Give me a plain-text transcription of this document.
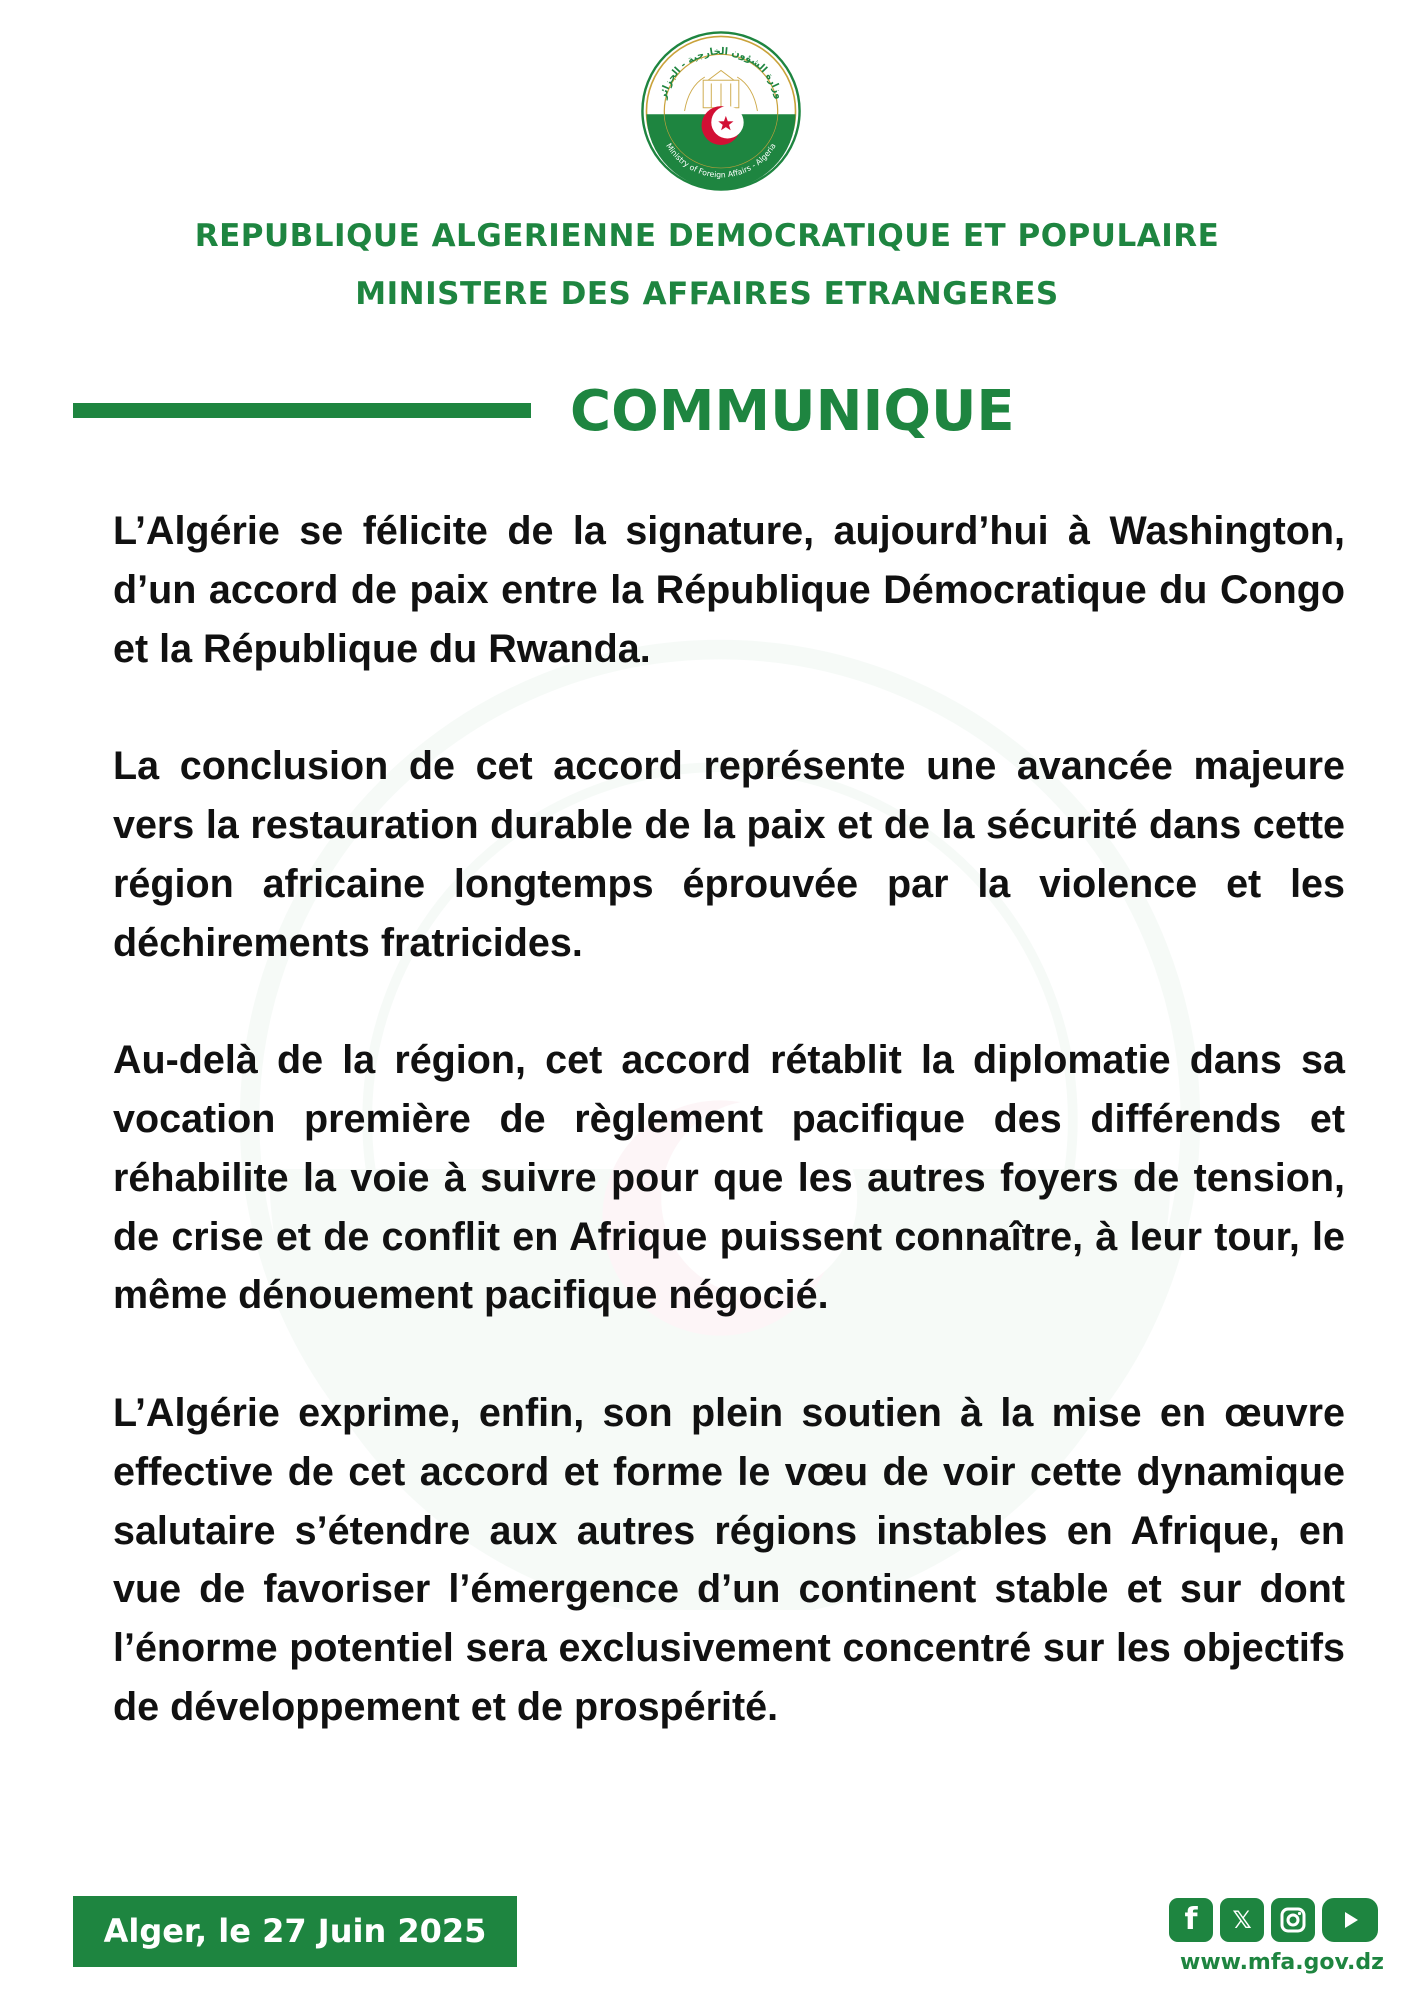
وزارة الشؤون الخارجية - الجزائر
Ministry of Foreign Affairs - Algeria
REPUBLIQUE ALGERIENNE DEMOCRATIQUE ET POPULAIRE
MINISTERE DES AFFAIRES ETRANGERES
COMMUNIQUE

L’Algérie se félicite de la signature, aujourd’hui à Washington, d’un accord de paix entre la République Démocratique du Congo et la République du Rwanda.

La conclusion de cet accord représente une avancée majeure vers la restauration durable de la paix et de la sécurité dans cette région africaine longtemps éprouvée par la violence et les déchirements fratricides.

Au-delà de la région, cet accord rétablit la diplomatie dans sa vocation première de règlement pacifique des différends et réhabilite la voie à suivre pour que les autres foyers de tension, de crise et de conflit en Afrique puissent connaître, à leur tour, le même dénouement pacifique négocié.

L’Algérie exprime, enfin, son plein soutien à la mise en œuvre effective de cet accord et forme le vœu de voir cette dynamique salutaire s’étendre aux autres régions instables en Afrique, en vue de favoriser l’émergence d’un continent stable et sur dont l’énorme potentiel sera exclusivement concentré sur les objectifs de développement et de prospérité.

Alger, le 27 Juin 2025	f 𝕏
www.mfa.gov.dz
